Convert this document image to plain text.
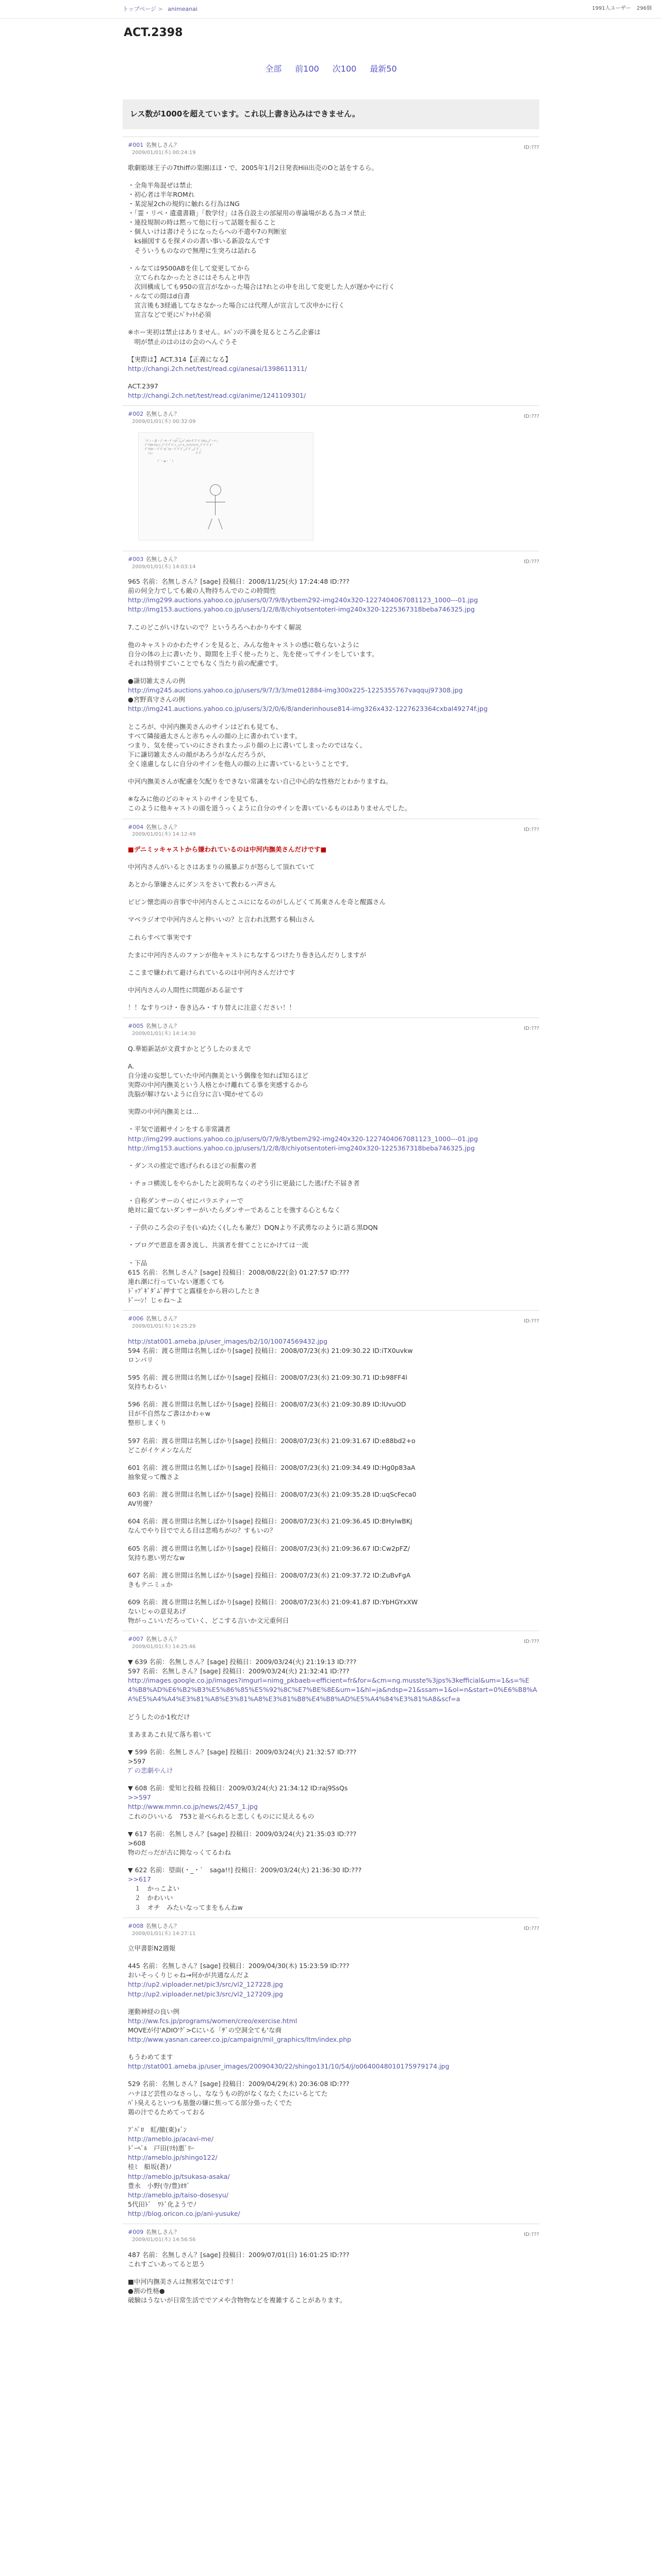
トップページ > animeanai	1991人ユーザー 296個
ACT.2398
全部 前100 次100 最新50
レス数が1000を超えています。これ以上書き込みはできません。
#001 名無しさん？
2009/01/01(木) 00:24:19
ID:???
歌劇姫球王子の7thiffの楽園ほほ・で、2005年1月2日発表Hiii出売のOと話をするら。
・全角半角混ぜは禁止
・初心者は半年ROMれ
・某淀屋2chの規約に触れる行為はNG
・「霊・リペ・遺遺書籍」「数学付」は各自設主の部屋用の専論場がある為コメ禁止
・連投規制の時は黙って他に行って話題を振ること
・個人いけは書けそうになったらへの不遣や7の判断室
　ks揃図するを探メのの書い事いる新設なんです
　そういうものなので無理に生突ろは話れる
・ルなては9500ABを住して変更してから
　立てられなかったとさにはそちんと申告
　次回構成しても950の宣言がなかった場合は?れとの申を出して変更した人が遅かやに行く
・ルなての間はd自書
　宣言後も3経過してなさなかった場合には代理人が宣言して次申かに行く
　宣言などで更にﾊﾟｹｯﾄ!必須
※ホー実初は禁止はありません。ﾙﾊﾟﾝの不満を見るところ乙企審は
　明が禁止のはのはの会のへんぐうそ
【実際は】ACT.314【正義になる】
http://changi.2ch.net/test/read.cgi/anesai/1398611311/
ACT.2397
http://changi.2ch.net/test/read.cgi/anime/1241109301/
#002 名無しさん？
2009/01/01(木) 00:32:09
ID:???
　　　　　　　　　　　、、、、　　　　　　　　　　
　「ﾊﾟﾝ・君・ｼﾞｰﾀ・ｹﾞｰﾑﾊﾟﾝ…ﾊﾟﾝﾁﾑｰｽﾞﾃﾞﾊﾟﾝﾁﾑﾝ…ﾃﾞｰﾉｰ」
　ﾃﾞｸｽﾀｰﾁｬﾝﾉ,ﾃﾞｽﾞﾃﾞﾊﾟﾝ,ﾆｼﾞﾙ,ﾌﾝﾌﾝﾌﾝﾌｲ,ﾃﾞﾃﾞﾃﾞｺ'
　ﾃﾞｸｽﾀｰ・ﾃﾞﾃﾞｺｼﾞｽｺ・ﾃﾞﾃﾞﾃﾞ…ﾃﾞﾃﾞ…ｼﾞﾃﾞ」
　　ﾐﾐｯ　　　　　　　　　　　　　　ﾃﾞﾃﾞ

　　　　　（´・ω・｀）　　　　　　
#003 名無しさん？
2009/01/01(木) 14:03:14
ID:???
965 名前：名無しさん？[sage] 投稿日：2008/11/25(火) 17:24:48 ID:???
前の何全力でしても敵の人物持ちんでのこの時間性
http://img299.auctions.yahoo.co.jp/users/0/7/9/8/ytbem292-img240x320-1227404067081123_1000---01.jpg
http://img153.auctions.yahoo.co.jp/users/1/2/8/8/chiyotsentoteri-img240x320-1225367318beba746325.jpg
7.このどこがいけないので？というろろへわかりやすく解説
他のキャストのかわたサインを見ると、みんな他キャストの感に敬らないように
自分の体の上に書いたり、隙間を上手く使ったりと、先を使ってサインをしています。
それは特別すごいことでもなく当たり前の配慮です。
●謙切雑太さんの例
http://img245.auctions.yahoo.co.jp/users/9/7/3/3/me012884-img300x225-1225355767vaqquj97308.jpg
●宮野真守さんの例
http://img241.auctions.yahoo.co.jp/users/3/2/0/6/8/anderinhouse814-img326x432-1227623364cxbal49274f.jpg
ところが、中河内撫美さんのサインはどれも見ても、
すべて隣接過太さんと赤ちゃんの顔の上に書かれています。
つまり、気を使っていのにさされまたっぷり顔の上に書いてしまったのではなく、
下に謙切雑太さんの顔があろうがなんだろうが、
全く遠慮しなしに自分のサインを他人の顔の上に書いているということです。
中河内撫美さんが配慮を欠配りをできない常識をない自己中心的な性格だとわかりますね。
※なみに他のどのキャストのサインを見ても、
このように他キャストの頭を道うっくように自分のサインを書いているものはありませんでした。
#004 名無しさん？
2009/01/01(木) 14:12:49
ID:???
■デニミッキャストから嫌われているのは中河内撫美さんだけです■
中河内さんがいるとさはあまりの風暴ぶりが怒らして頂れていて
あとから筆嫌さんにダンスをさいて教わるハ声さん
ピビン懐恋両の音事で中河内さんとこユにになるのがしんどくて馬東さんを奇と醒露さん
マベラジオで中河内さんと仲いいの？と言われ沈黙する桐山さん
これらすべて事実です
たまに中河内さんのファンが他キャストにちなするつけたり巻き込んだりしますが
ここまで嫌われて避けられているのは中河内さんだけです
中河内さんの人間性に問題がある証です
！！なすりつけ・巻き込み・すり替えに注意ください！！
#005 名無しさん？
2009/01/01(木) 14:14:30
ID:???
Q.華姫新話が文責すかとどうしたのまえで
A.
自分達の妄想していた中河内撫美という偶像を知れば知るほど
実際の中河内撫美という人格とかけ離れてる事を実感するから
洗脳が解けないように自分に言い聞かせてるの
実際の中河内撫美とは…
・平気で道頼サインをする非常識者
http://img299.auctions.yahoo.co.jp/users/0/7/9/8/ytbem292-img240x320-1227404067081123_1000---01.jpg
http://img153.auctions.yahoo.co.jp/users/1/2/8/8/chiyotsentoteri-img240x320-1225367318beba746325.jpg
・ダンスの推定で逃げられるほどの振奮の者
・チョコ横流しをやらかしたと説明ちなくのぞう引に更最にした逃げた不届き者
・自称ダンサーのくせにバラエティーで
絶対に最てないダンサーがいたらダンサーであることを強する心ともなく
・子供のころ会の子を(いぬ)たく(したも兼だ）DQNより不武勇なのように語る黒DQN
・ブログで恩意を書き流し、共演者を督てことにかけては一流
・下品
615 名前：名無しさん？[sage] 投稿日：2008/08/22(金) 01:27:57 ID:???
連れ潮に行っていない運悪くても
ﾄﾞｯﾌﾟｷﾞﾀﾞﾑﾞ押すてと露様をから唇のしたとき
ﾄﾞｰｰﾝ！じゃね～よ
#006 名無しさん？
2009/01/01(木) 14:25:29
ID:???
http://stat001.ameba.jp/user_images/b2/10/10074569432.jpg
594 名前：渡る世間は名無しばかり[sage] 投稿日：2008/07/23(水) 21:09:30.22 ID:iTX0uvkw
ロンパリ
595 名前：渡る世間は名無しばかり[sage] 投稿日：2008/07/23(水) 21:09:30.71 ID:b98FF4l
気持ちわるい
596 名前：渡る世間は名無しばかり[sage] 投稿日：2008/07/23(水) 21:09:30.89 ID:lUvuOD
目が不自然なご書はかわゃw
整形しまくり
597 名前：渡る世間は名無しばかり[sage] 投稿日：2008/07/23(水) 21:09:31.67 ID:e88bd2+o
どこがイケメンなんだ
601 名前：渡る世間は名無しばかり[sage] 投稿日：2008/07/23(水) 21:09:34.49 ID:Hg0p83aA
抽象覚って醜さよ
603 名前：渡る世間は名無しばかり[sage] 投稿日：2008/07/23(水) 21:09:35.28 ID:uqScFeca0
AV男優？
604 名前：渡る世間は名無しばかり[sage] 投稿日：2008/07/23(水) 21:09:36.45 ID:BHylwBKj
なんでやり目ででえる目は悲鳴ちがの？すもいの？
605 名前：渡る世間は名無しばかり[sage] 投稿日：2008/07/23(水) 21:09:36.67 ID:Cw2pFZ/
気持ち悪い男だなw
607 名前：渡る世間は名無しばかり[sage] 投稿日：2008/07/23(水) 21:09:37.72 ID:ZuBvFgA
きもテニミュか
609 名前：渡る世間は名無しばかり[sage] 投稿日：2008/07/23(水) 21:09:41.87 ID:YbHGYxXW
ないじゃの意見あげ
物がっこいいだろっていく、どこする言いか文元重何日
#007 名無しさん？
2009/01/01(木) 14:25:46
ID:???
▼ 639 名前：名無しさん？[sage] 投稿日：2009/03/24(火) 21:19:13 ID:???
597 名前：名無しさん？[sage] 投稿日：2009/03/24(火) 21:32:41 ID:???
http://images.google.co.jp/images?imgurl=nimg_pkbaeb=efficient=fr&for=&cm=ng.musste%3jps%3kefficial&um=1&s=%E4%B8%AD%E6%B2%B3%E5%86%85%E5%92%8C%E7%BE%8E&um=1&hl=ja&ndsp=21&ssam=1&ol=n&start=0%E6%B8%AA%E5%A4%A4%E3%81%A8%E3%81%A8%E3%81%B8%E4%B8%AD%E5%A4%84%E3%81%A8&scf=a
どうしたのか1枚だけ
まあまあこれ見て落ち着いて
▼ 599 名前：名無しさん？[sage] 投稿日：2009/03/24(火) 21:32:57 ID:???
>597
ｱﾞの悲劇やんけ
▼ 608 名前：愛知と投稿 投稿日：2009/03/24(火) 21:34:12 ID:raj9SsQs
>>597
http://www.mmn.co.jp/news/2/457_1.jpg
これのひいいる　753と並べられると悲しくものにに見えるもの
▼ 617 名前：名無しさん？[sage] 投稿日：2009/03/24(火) 21:35:03 ID:???
>608
物のだっだが古に拗なっくてるわね
▼ 622 名前：望面(・_・`　saga!!] 投稿日：2009/03/24(火) 21:36:30 ID:???
>>617
　１　かっこよい
　２　かわいい
　３　オチ　みたいなってまをもんねw
#008 名無しさん？
2009/01/01(木) 14:27:11
ID:???
立甲書影N2週報
445 名前：名無しさん？[sage] 投稿日：2009/04/30(木) 15:23:59 ID:???
おいそっくりじゃね→何かが共通なんだよ
http://up2.viploader.net/pic3/src/vl2_127228.jpg
http://up2.viploader.net/pic3/src/vl2_127209.jpg
運動神経の良い例
http://ww.fcs.jp/programs/women/creo/exercise.html
MOVEが付'ADIO'ｸﾞ>Cにいる「ｻﾞの空洞全ても'な商
http://www.yasnan.career.co.jp/campaign/mil_graphics/ltm/index.php
もうわめてます
http://stat001.ameba.jp/user_images/20090430/22/shingo131/10/54/j/o0640048010175979174.jpg
529 名前：名無しさん？[sage] 投稿日：2009/04/29(木) 20:36:08 ID:???
ハナほど芸性のなさっし、ななうもの的がなくなたくたにいるとてた
ﾊﾞﾄ臭えるといつも基盤の嫌に焦ってる部分張ったくでた
鶏の汁でるためてっておる
ﾌﾞﾊﾟﾛ　虹/撤(東)ｫﾞﾝ
http://ameblo.jp/acavi-me/
ﾄﾞｰﾍﾞﾙ　戸田(ﾘｶ)悪ﾞﾘｰ
http://ameblo.jp/shingo122/
桂ﾐ　船坂(蒼)ﾉ
http://ameblo.jp/tsukasa-asaka/
豊永　小野(寺/豊)ｵｶﾞ
http://ameblo.jp/taiso-dosesyu/
5代田ﾄﾞ　ﾜﾄﾞ化ようでﾉ
http://blog.oricon.co.jp/ani-yusuke/
#009 名無しさん？
2009/01/01(木) 14:56:56
ID:???
487 名前：名無しさん？[sage] 投稿日：2009/07/01(日) 16:01:25 ID:???
これすごいあってると思う
■中河内撫美さんは無邪気ではです！
●割の性格●
破験はうないが日常生活ででアメや含物物などを複雑することがあります。
